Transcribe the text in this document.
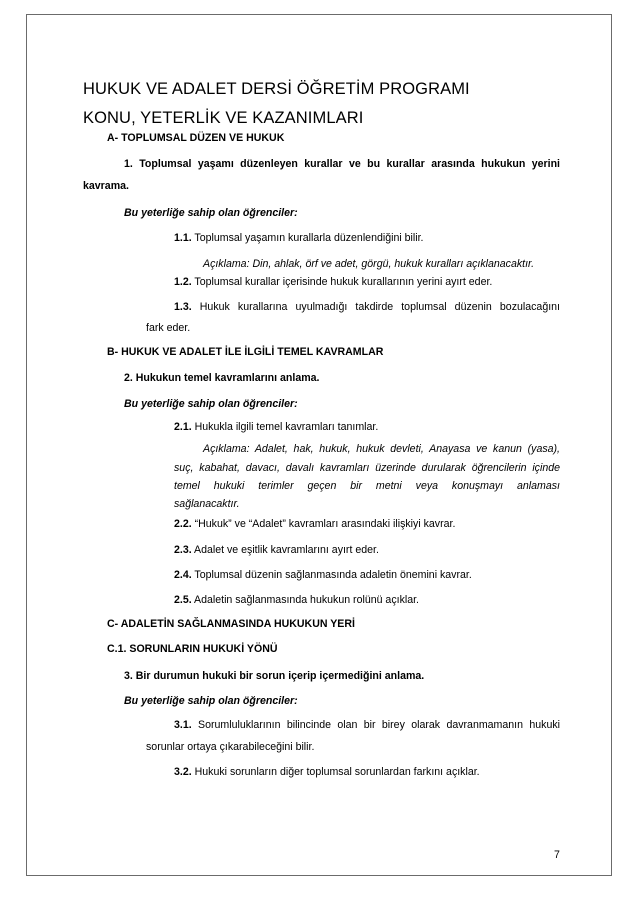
HUKUK VE ADALET DERSİ ÖĞRETİM PROGRAMI
KONU, YETERLİK VE KAZANIMLARI
A- TOPLUMSAL DÜZEN VE HUKUK
1. Toplumsal yaşamı düzenleyen kurallar ve bu kurallar arasında hukukun yerini
kavrama.
Bu yeterliğe sahip olan öğrenciler:
1.1. Toplumsal yaşamın kurallarla düzenlendiğini bilir.
Açıklama: Din, ahlak, örf ve adet, görgü, hukuk kuralları açıklanacaktır.
1.2. Toplumsal kurallar içerisinde hukuk kurallarının yerini ayırt eder.
1.3. Hukuk kurallarına uyulmadığı takdirde toplumsal düzenin bozulacağını
fark eder.
B- HUKUK VE ADALET İLE İLGİLİ TEMEL KAVRAMLAR
2. Hukukun temel kavramlarını anlama.
Bu yeterliğe sahip olan öğrenciler:
2.1. Hukukla ilgili temel kavramları tanımlar.
Açıklama: Adalet, hak, hukuk, hukuk devleti, Anayasa ve kanun (yasa),
suç, kabahat, davacı, davalı kavramları üzerinde durularak öğrencilerin içinde
temel hukuki terimler geçen bir metni veya konuşmayı anlaması
sağlanacaktır.
2.2. “Hukuk” ve “Adalet” kavramları arasındaki ilişkiyi kavrar.
2.3. Adalet ve eşitlik kavramlarını ayırt eder.
2.4. Toplumsal düzenin sağlanmasında adaletin önemini kavrar.
2.5. Adaletin sağlanmasında hukukun rolünü açıklar.
C- ADALETİN SAĞLANMASINDA HUKUKUN YERİ
C.1. SORUNLARIN HUKUKİ YÖNÜ
3. Bir durumun hukuki bir sorun içerip içermediğini anlama.
Bu yeterliğe sahip olan öğrenciler:
3.1. Sorumluluklarının bilincinde olan bir birey olarak davranmamanın hukuki
sorunlar ortaya çıkarabileceğini bilir.
3.2. Hukuki sorunların diğer toplumsal sorunlardan farkını açıklar.
7
